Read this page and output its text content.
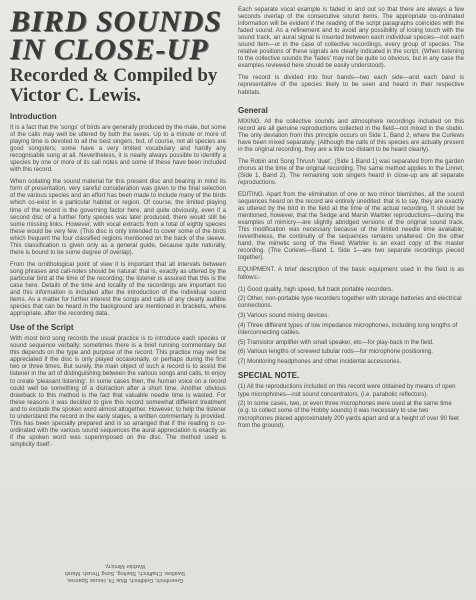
BIRD SOUNDS IN CLOSE-UP
Recorded & Compiled by
Victor C. Lewis.
Introduction

It is a fact that the 'songs' of birds are generally produced by the male, but some of the calls may well be uttered by both the sexes. Up to a minute or more of playing time is devoted to all the best singers, but, of course, not all species are good songsters; some have a very limited vocabulary and hardly any recognisable song at all. Nevertheless, it is nearly always possible to identify a species by one or more of its call notes and some of these have been included with this record.

When collating the sound material for this present disc and bearing in mind its form of presentation, very careful consideration was given to the final selection of the various species and an effort has been made to include many of the birds which co-exist in a particular habitat or region. Of course, the limited playing time of the record is the governing factor here, and quite obviously, even if a second disc of a further forty species was later produced, there would still be some missing links. However, with vocal extracts from a total of eighty species these would be very few. (This disc is only intended to cover some of the birds which frequent the four classified regions mentioned on the back of the sleeve. This classification is given only as a general guide, because quite naturally, there is bound to be some degree of overlap).

From the ornithological point of view it is important that all intervals between song phrases and call-notes should be natural: that is, exactly as uttered by the particular bird at the time of the recording; the listener is assured that this is the case here. Details of the time and locality of the recordings are important too and this information is included after the introduction of the individual sound items. As a matter for further interest the songs and calls of any clearly audible species that can be heard in the background are mentioned in brackets, where appropriate, after the recording data.

Use of the Script

With most bird song records the usual practice is to introduce each species or sound sequence verbally; sometimes there is a brief running commentary but this depends on the type and purpose of the record. This practice may well be appreciated if the disc is only played occasionally, or perhaps during the first two or three times. But surely, the main object of such a record is to assist the listener in the art of distinguishing between the various songs and calls, to enjoy to create 'pleasant listening'. In some cases then, the human voice on a record could well be something of a distraction after a short time. Another obvious drawback to this method is the fact that valuable needle time is wasted. For these reasons it was decided to give this record somewhat different treatment and to exclude the spoken word almost altogether. However, to help the listener to understand the record in the early stages, a written commentary is provided. This has been specially prepared and is so arranged that if the reading is co-ordinated with the various sound sequences the aural appreciation is exactly as if the spoken word was superimposed on the disc. The method used is simplicity itself:-

Greenfinch, Goldfinch, Blue Tit, House Sparrow, Swallow. Chaffinch, Starling, Song Thrush. Marsh Warbler Mimicry.

Each separate vocal example is faded in and out so that there are always a few seconds overlap of the consecutive sound items. The appropriate co-ordinated information will be evident if the reading of the script paragraphs coincides with the faded sound. As a refinement and to avoid any possibility of losing touch with the sound track, an aural signal is inserted between each individual species—not each sound item—or in the case of collective recordings, every group of species. The relative positions of these signals are clearly indicated in the script. (When listening to the collective sounds the 'fades' may not be quite so obvious, but in any case the examples reviewed here should be easily understood).

The record is divided into four bands—two each side—and each band is representative of the species likely to be seen and heard in their respective habitats.

General

MIXING. All the collective sounds and atmosphere recordings included on this record are all genuine reproductions collected in the field—not mixed in the studio. The only deviation from this principle occurs on Side 1, Band 2, where the Curlews have been mixed separately. (Although the calls of this species are actually present in the original recording, they are a little too distant to be heard clearly).

The Robin and Song Thrush 'duet', (Side 1 Band 1) was separated from the garden chorus at the time of the original recording. The same method applies to the Linnet, (Side 1, Band 2). The remaining solo singers heard in close-up are all separate reproductions.

EDITING. Apart from the elimination of one or two minor blemishes, all the sound sequences heard on the record are entirely unedited: that is to say, they are exactly as uttered by the bird in the field at the time of the actual recording. It should be mentioned, however, that the Sedge and Marsh Warbler reproductions—during the examples of mimicry—are slightly abridged versions of the original sound track. This modification was necessary because of the limited needle time available; nevertheless, the continuity of the sequences remains unaltered. On the other hand, the mimetic song of the Reed Warbler is an exact copy of the master recording. (The Curlews—Band 1, Side 1—are two separate recordings pieced together).

EQUIPMENT. A brief description of the basic equipment used in the field is as follows:-

(1) Good quality, high speed, full track portable recorders.
(2) Other, non-portable type recorders together with storage batteries and electrical connections.
(3) Various sound mixing devices.
(4) Three different types of low impedance microphones, including long lengths of interconnecting cables.
(5) Transistor amplifier with small speaker, etc—for play-back in the field.
(6) Various lengths of screwed tubular rods—for microphone positioning.
(7) Monitoring headphones and other incidental accessories.
SPECIAL NOTE.
(1) All the reproductions included on this record were obtained by means of open type microphones—not sound concentrators, (i.e. parabolic reflectors).
(2) In some cases, two, or even three microphones were used at the same time (e.g. to collect some of the Hobby sounds) it was necessary to use two microphones placed approximately 200 yards apart and at a height of over 90 feet from the ground).
